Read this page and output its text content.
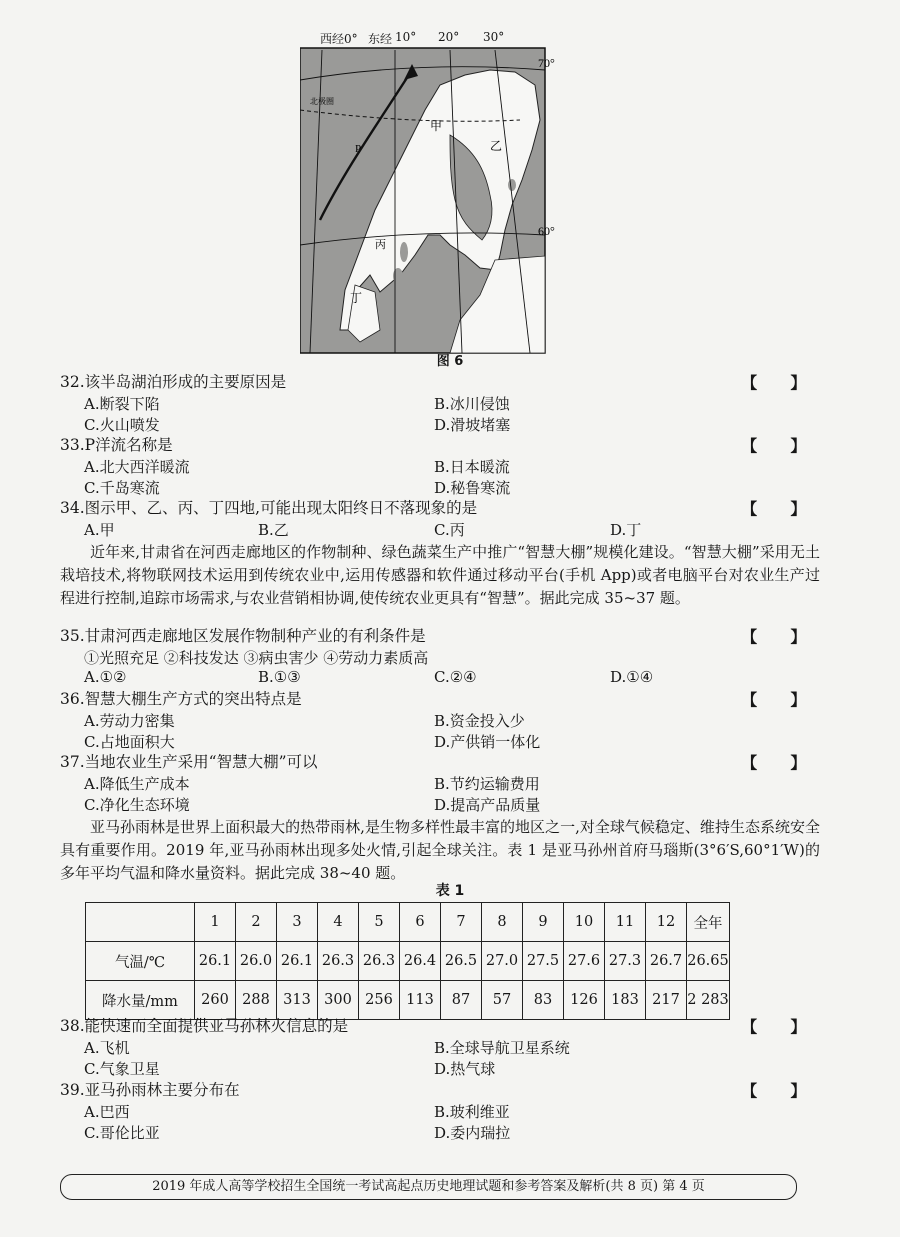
70°
60°
北极圈
P
甲
乙
丙
丁
西经0° 东经 10° 20° 30°
图 6
32.该半岛湖泊形成的主要原因是	【 】
A.断裂下陷	B.冰川侵蚀
C.火山喷发	D.滑坡堵塞
33.P洋流名称是	【 】
A.北大西洋暖流	B.日本暖流
C.千岛寒流	D.秘鲁寒流
34.图示甲、乙、丙、丁四地,可能出现太阳终日不落现象的是	【 】
A.甲	B.乙	C.丙	D.丁
近年来,甘肃省在河西走廊地区的作物制种、绿色蔬菜生产中推广“智慧大棚”规模化建设。“智慧大棚”采用无土栽培技术,将物联网技术运用到传统农业中,运用传感器和软件通过移动平台(手机 App)或者电脑平台对农业生产过程进行控制,追踪市场需求,与农业营销相协调,使传统农业更具有“智慧”。据此完成 35~37 题。
35.甘肃河西走廊地区发展作物制种产业的有利条件是	【 】
①光照充足 ②科技发达 ③病虫害少 ④劳动力素质高
A.①②	B.①③	C.②④	D.①④
36.智慧大棚生产方式的突出特点是	【 】
A.劳动力密集	B.资金投入少
C.占地面积大	D.产供销一体化
37.当地农业生产采用“智慧大棚”可以	【 】
A.降低生产成本	B.节约运输费用
C.净化生态环境	D.提高产品质量
亚马孙雨林是世界上面积最大的热带雨林,是生物多样性最丰富的地区之一,对全球气候稳定、维持生态系统安全具有重要作用。2019 年,亚马孙雨林出现多处火情,引起全球关注。表 1 是亚马孙州首府马瑙斯(3°6′S,60°1′W)的多年平均气温和降水量资料。据此完成 38~40 题。
表 1
	1	2	3	4	5	6	7	8	9	10	11	12	全年
气温/℃	26.1	26.0	26.1	26.3	26.3	26.4	26.5	27.0	27.5	27.6	27.3	26.7	26.65
降水量/mm	260	288	313	300	256	113	87	57	83	126	183	217	2 283
38.能快速而全面提供亚马孙林火信息的是	【 】
A.飞机	B.全球导航卫星系统
C.气象卫星	D.热气球
39.亚马孙雨林主要分布在	【 】
A.巴西	B.玻利维亚
C.哥伦比亚	D.委内瑞拉
2019 年成人高等学校招生全国统一考试高起点历史地理试题和参考答案及解析(共 8 页) 第 4 页
